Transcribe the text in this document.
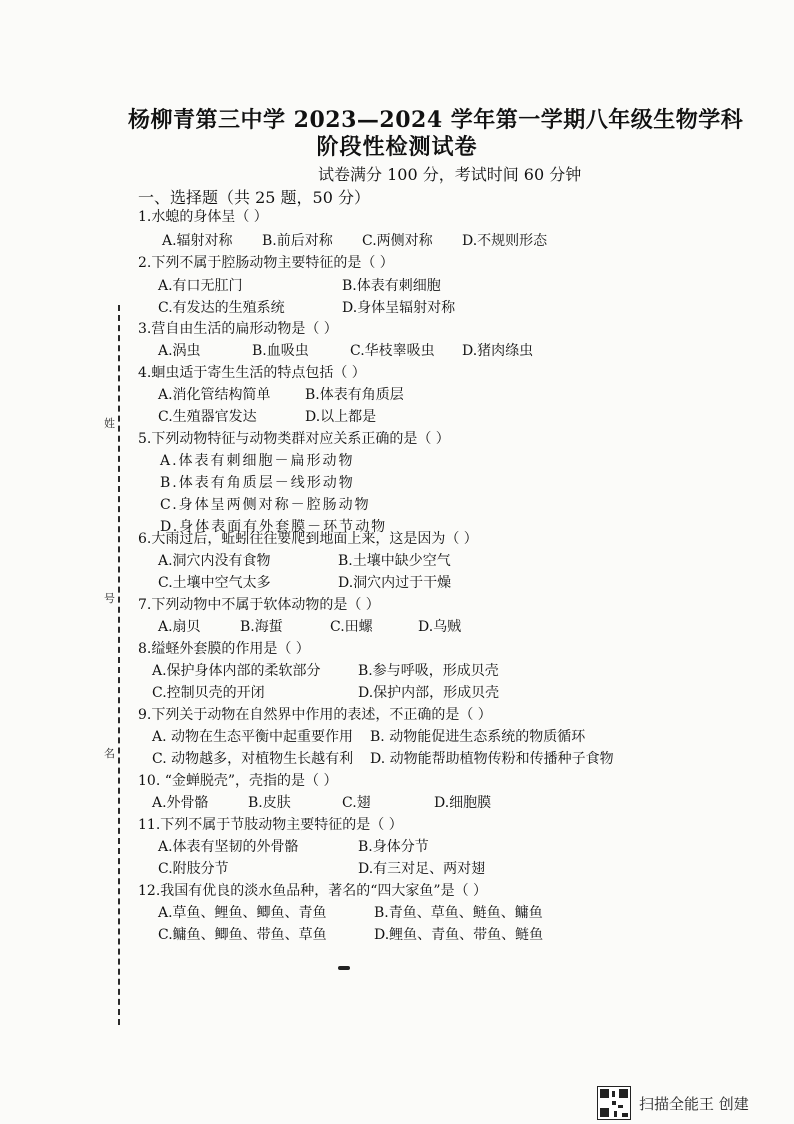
姓
号
名
杨柳青第三中学 2023—2024 学年第一学期八年级生物学科
阶段性检测试卷
试卷满分 100 分，考试时间 60 分钟
一、选择题（共 25 题，50 分）
1.水螅的身体呈（ ）
A.辐射对称 B.前后对称 C.两侧对称 D.不规则形态
2.下列不属于腔肠动物主要特征的是（ ）
A.有口无肛门	B.体表有刺细胞
C.有发达的生殖系统	D.身体呈辐射对称
3.营自由生活的扁形动物是（ ）
A.涡虫	B.血吸虫	C.华枝睾吸虫 D.猪肉绦虫
4.蛔虫适于寄生生活的特点包括（ ）
A.消化管结构简单 B.体表有角质层
C.生殖器官发达	D.以上都是
5.下列动物特征与动物类群对应关系正确的是（ ）
A.体表有刺细胞－扁形动物
B.体表有角质层－线形动物
C.身体呈两侧对称－腔肠动物
D.身体表面有外套膜－环节动物
6.大雨过后，蚯蚓往往要爬到地面上来，这是因为（ ）
A.洞穴内没有食物	B.土壤中缺少空气
C.土壤中空气太多	D.洞穴内过于干燥
7.下列动物中不属于软体动物的是（ ）
A.扇贝	B.海蜇	C.田螺	D.乌贼
8.缢蛏外套膜的作用是（ ）
A.保护身体内部的柔软部分	B.参与呼吸，形成贝壳
C.控制贝壳的开闭	D.保护内部，形成贝壳
9.下列关于动物在自然界中作用的表述，不正确的是（ ）
A. 动物在生态平衡中起重要作用 B. 动物能促进生态系统的物质循环
C. 动物越多，对植物生长越有利 D. 动物能帮助植物传粉和传播种子食物
10. “金蝉脱壳”，壳指的是（ ）
A.外骨骼	B.皮肤	C.翅	D.细胞膜
11.下列不属于节肢动物主要特征的是（ ）
A.体表有坚韧的外骨骼	B.身体分节
C.附肢分节	D.有三对足、两对翅
12.我国有优良的淡水鱼品种，著名的“四大家鱼”是（ ）
A.草鱼、鲤鱼、鲫鱼、青鱼	B.青鱼、草鱼、鲢鱼、鳙鱼
C.鳙鱼、鲫鱼、带鱼、草鱼	D.鲤鱼、青鱼、带鱼、鲢鱼
扫描全能王 创建
